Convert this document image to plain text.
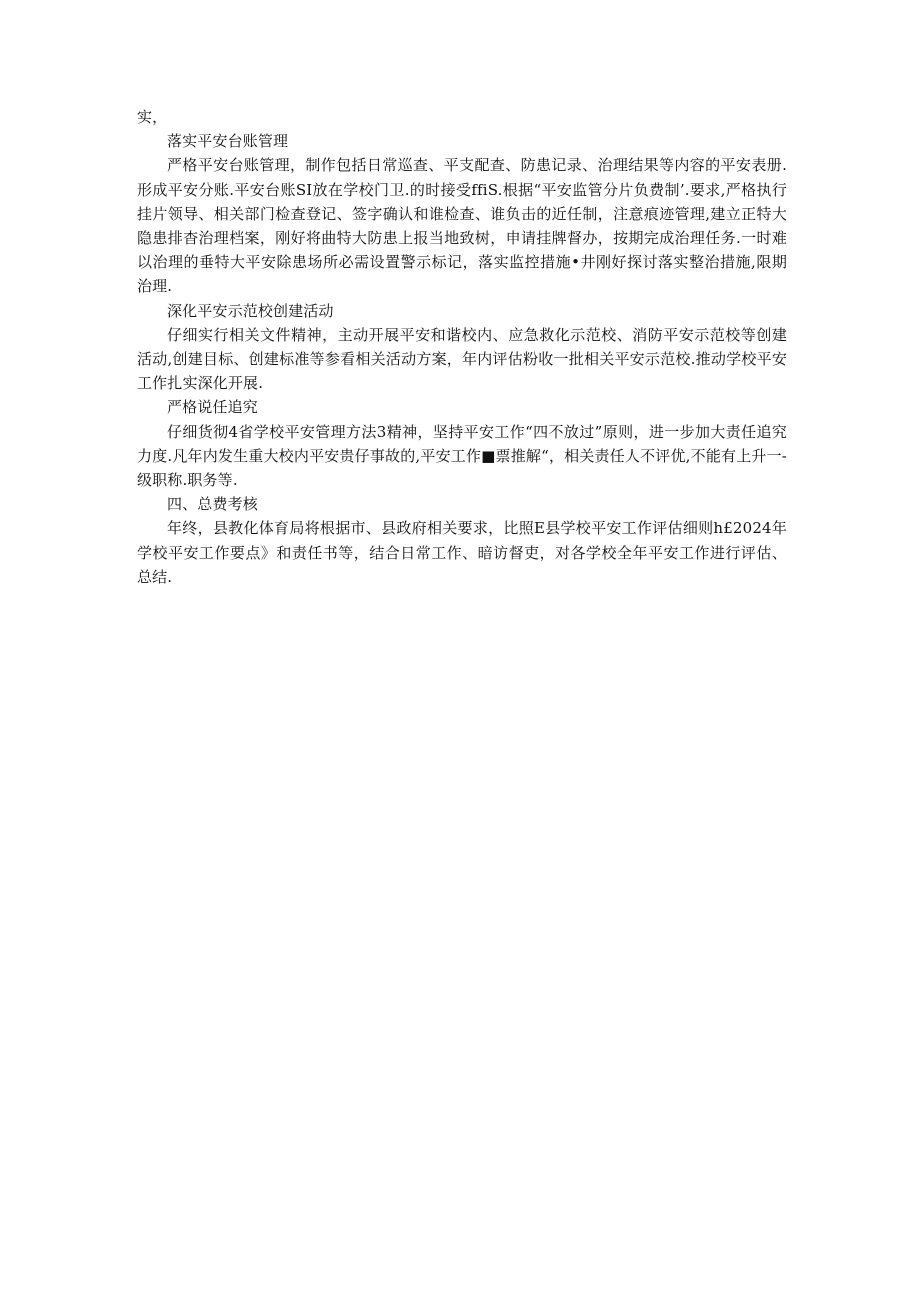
实，

落实平安台账管理

严格平安台账管理，制作包括日常巡查、平支配查、防患记录、治理结果等内容的平安表册.形成平安分账.平安台账SI放在学校门卫.的时接受ffiS.根据“平安监管分片负费制’.要求,严格执行挂片领导、相关部门检查登记、签字确认和谁检查、谁负击的近任制，注意痕迹管理,建立正特大隐患排杳治理档案，刚好将曲特大防患上报当地致树，申请挂牌督办，按期完成治理任务.一时难以治理的垂特大平安除患场所必需设置警示标记，落实监控措施•井刚好探讨落实整治措施,限期治理.

深化平安示范校创建活动

仔细实行相关文件精神，主动开展平安和谐校内、应急救化示范校、消防平安示范校等创建活动,创建目标、创建标准等参看相关活动方案，年内评估粉收一批相关平安示范校.推动学校平安工作扎实深化开展.

严格说任追究

仔细货彻4省学校平安管理方法3精神，坚持平安工作“四不放过”原则，进一步加大责任追究力度.凡年内发生重大校内平安贵仔事故的,平安工作■票推解“，相关责任人不评优,不能有上升一-级职称.职务等.

四、总费考核

年终，县教化体育局将根据市、县政府相关要求，比照E县学校平安工作评估细则h£2024年学校平安工作要点》和责任书等，结合日常工作、暗访督吏，对各学校全年平安工作进行评估、总结.
